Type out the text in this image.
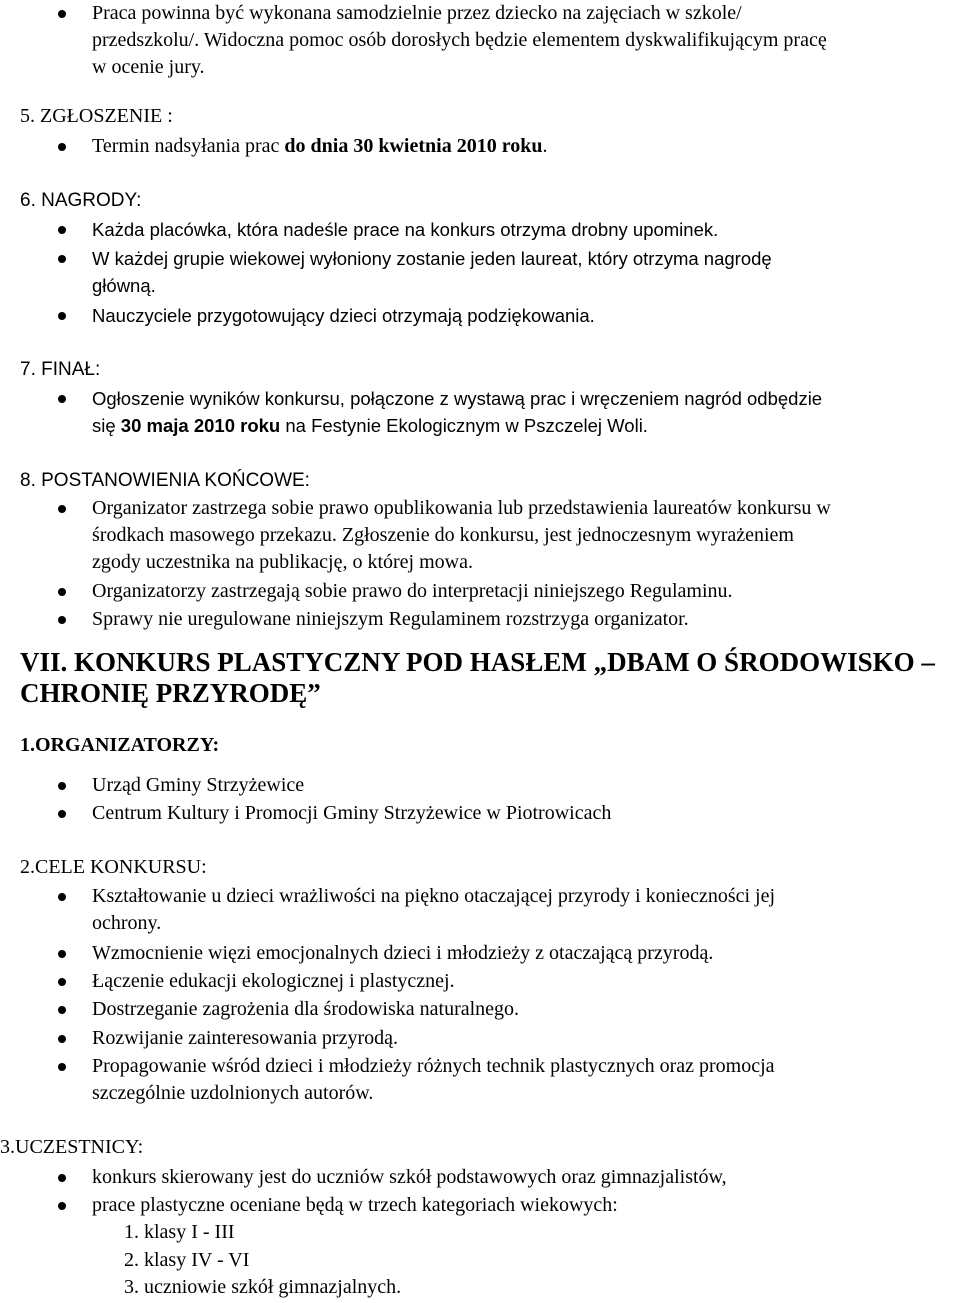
Praca powinna być wykonana samodzielnie przez dziecko na zajęciach w szkole/
przedszkolu/. Widoczna pomoc osób dorosłych będzie elementem dyskwalifikującym pracę
w ocenie jury.
5. ZGŁOSZENIE :
Termin nadsyłania prac do dnia 30 kwietnia 2010 roku.
6. NAGRODY:
Każda placówka, która nadeśle prace na konkurs otrzyma drobny upominek.
W każdej grupie wiekowej wyłoniony zostanie jeden laureat, który otrzyma nagrodę
główną.
Nauczyciele przygotowujący dzieci otrzymają podziękowania.
7. FINAŁ:
Ogłoszenie wyników konkursu, połączone z wystawą prac i wręczeniem nagród odbędzie
się 30 maja 2010 roku na Festynie Ekologicznym w Pszczelej Woli.
8. POSTANOWIENIA KOŃCOWE:
Organizator zastrzega sobie prawo opublikowania lub przedstawienia laureatów konkursu w
środkach masowego przekazu. Zgłoszenie do konkursu, jest jednoczesnym wyrażeniem
zgody uczestnika na publikację, o której mowa.
Organizatorzy zastrzegają sobie prawo do interpretacji niniejszego Regulaminu.
Sprawy nie uregulowane niniejszym Regulaminem rozstrzyga organizator.
VII. KONKURS PLASTYCZNY POD HASŁEM „DBAM O ŚRODOWISKO –
CHRONIĘ PRZYRODĘ”
1.ORGANIZATORZY:
Urząd Gminy Strzyżewice
Centrum Kultury i Promocji Gminy Strzyżewice w Piotrowicach
2.CELE KONKURSU:
Kształtowanie u dzieci wrażliwości na piękno otaczającej przyrody i konieczności jej
ochrony.
Wzmocnienie więzi emocjonalnych dzieci i młodzieży z otaczającą przyrodą.
Łączenie edukacji ekologicznej i plastycznej.
Dostrzeganie zagrożenia dla środowiska naturalnego.
Rozwijanie zainteresowania przyrodą.
Propagowanie wśród dzieci i młodzieży różnych technik plastycznych oraz promocja
szczególnie uzdolnionych autorów.
3.UCZESTNICY:
konkurs skierowany jest do uczniów szkół podstawowych oraz gimnazjalistów,
prace plastyczne oceniane będą w trzech kategoriach wiekowych:
1. klasy I - III
2. klasy IV - VI
3. uczniowie szkół gimnazjalnych.
